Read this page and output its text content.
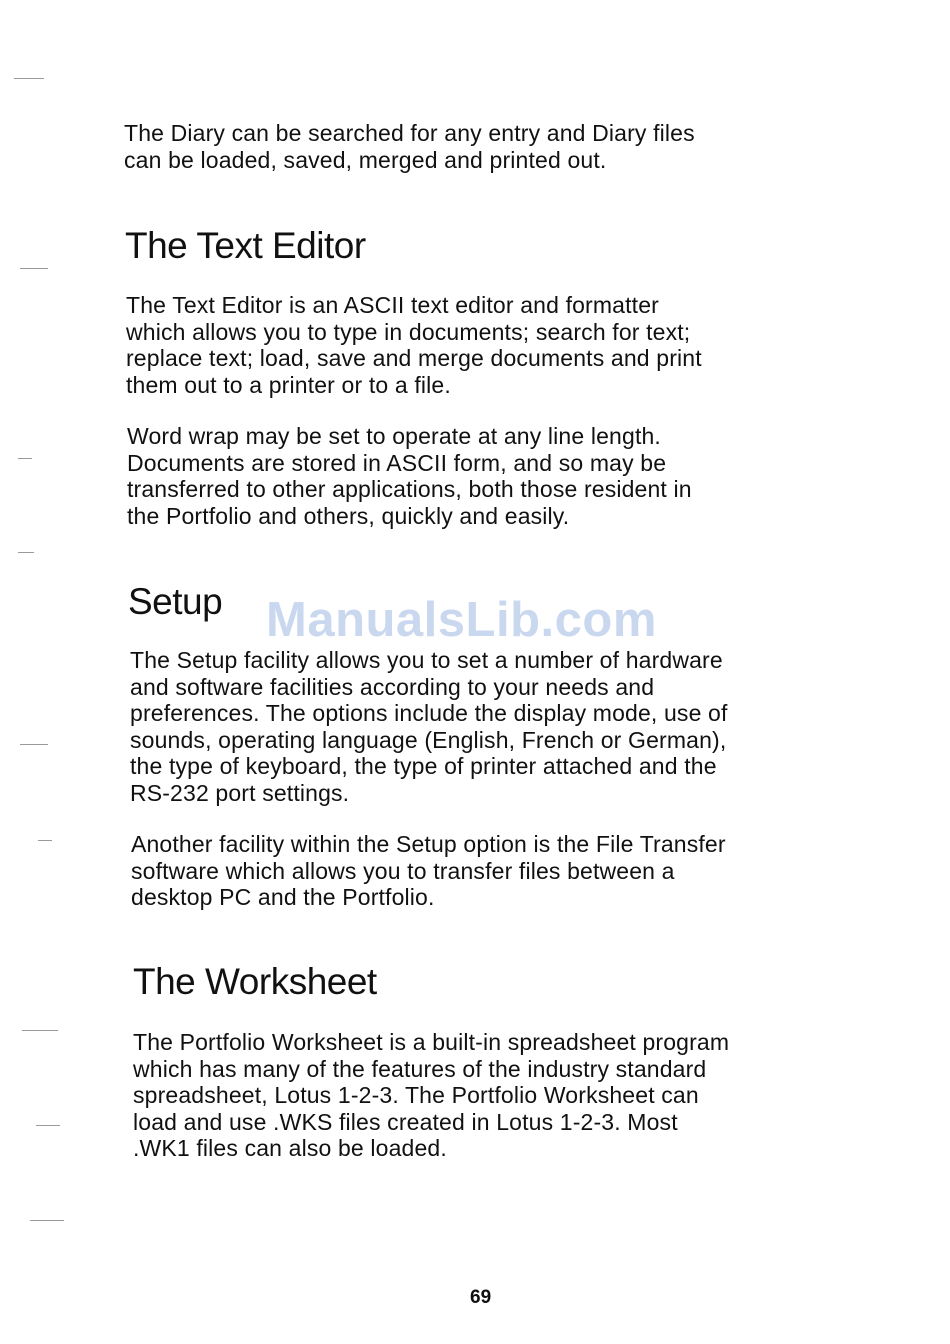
ManualsLib.com

The Diary can be searched for any entry and Diary files
can be loaded, saved, merged and printed out.

The Text Editor

The Text Editor is an ASCII text editor and formatter
which allows you to type in documents; search for text;
replace text; load, save and merge documents and print
them out to a printer or to a file.

Word wrap may be set to operate at any line length.
Documents are stored in ASCII form, and so may be
transferred to other applications, both those resident in
the Portfolio and others, quickly and easily.

Setup

The Setup facility allows you to set a number of hardware
and software facilities according to your needs and
preferences. The options include the display mode, use of
sounds, operating language (English, French or German),
the type of keyboard, the type of printer attached and the
RS-232 port settings.

Another facility within the Setup option is the File Transfer
software which allows you to transfer files between a
desktop PC and the Portfolio.

The Worksheet

The Portfolio Worksheet is a built-in spreadsheet program
which has many of the features of the industry standard
spreadsheet, Lotus 1-2-3. The Portfolio Worksheet can
load and use .WKS files created in Lotus 1-2-3. Most
.WK1 files can also be loaded.

69
